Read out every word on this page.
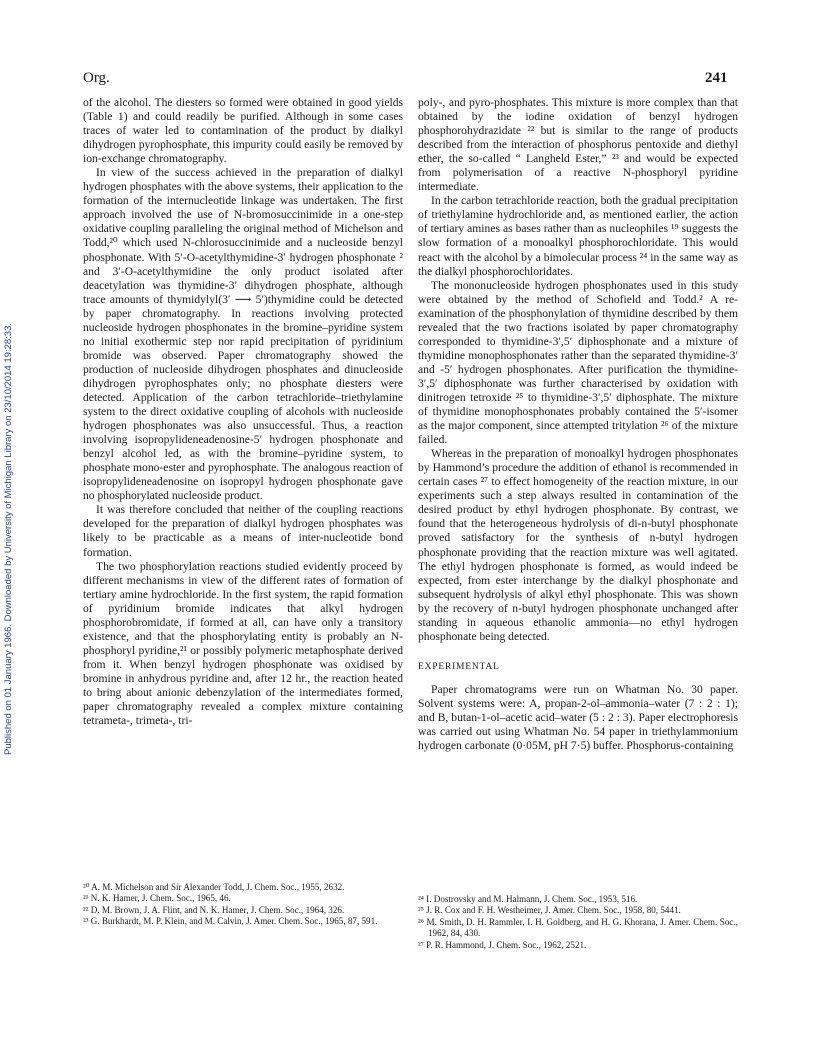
Org.	241
Published on 01 January 1966. Downloaded by University of Michigan Library on 23/10/2014 19:28:33.

of the alcohol. The diesters so formed were obtained in good yields (Table 1) and could readily be purified. Although in some cases traces of water led to contamination of the product by dialkyl dihydrogen pyrophosphate, this impurity could easily be removed by ion-exchange chromatography.

In view of the success achieved in the preparation of dialkyl hydrogen phosphates with the above systems, their application to the formation of the internucleotide linkage was undertaken. The first approach involved the use of N-bromosuccinimide in a one-step oxidative coupling paralleling the original method of Michelson and Todd,²⁰ which used N-chlorosuccinimide and a nucleoside benzyl phosphonate. With 5′-O-acetylthymidine-3′ hydrogen phosphonate ² and 3′-O-acetylthymidine the only product isolated after deacetylation was thymidine-3′ dihydrogen phosphate, although trace amounts of thymidylyl(3′ ⟶ 5′)thymidine could be detected by paper chromatography. In reactions involving protected nucleoside hydrogen phosphonates in the bromine–pyridine system no initial exothermic step nor rapid precipitation of pyridinium bromide was observed. Paper chromatography showed the production of nucleoside dihydrogen phosphates and dinucleoside dihydrogen pyrophosphates only; no phosphate diesters were detected. Application of the carbon tetrachloride–triethylamine system to the direct oxidative coupling of alcohols with nucleoside hydrogen phosphonates was also unsuccessful. Thus, a reaction involving isopropylideneadenosine-5′ hydrogen phosphonate and benzyl alcohol led, as with the bromine–pyridine system, to phosphate mono-ester and pyrophosphate. The analogous reaction of isopropylideneadenosine on isopropyl hydrogen phosphonate gave no phosphorylated nucleoside product.

It was therefore concluded that neither of the coupling reactions developed for the preparation of dialkyl hydrogen phosphates was likely to be practicable as a means of inter-nucleotide bond formation.

The two phosphorylation reactions studied evidently proceed by different mechanisms in view of the different rates of formation of tertiary amine hydrochloride. In the first system, the rapid formation of pyridinium bromide indicates that alkyl hydrogen phosphorobromidate, if formed at all, can have only a transitory existence, and that the phosphorylating entity is probably an N-phosphoryl pyridine,²¹ or possibly polymeric metaphosphate derived from it. When benzyl hydrogen phosphonate was oxidised by bromine in anhydrous pyridine and, after 12 hr., the reaction heated to bring about anionic debenzylation of the intermediates formed, paper chromatography revealed a complex mixture containing tetrameta-, trimeta-, tri-

poly-, and pyro-phosphates. This mixture is more complex than that obtained by the iodine oxidation of benzyl hydrogen phosphorohydrazidate ²² but is similar to the range of products described from the interaction of phosphorus pentoxide and diethyl ether, the so-called “ Langheld Ester,” ²³ and would be expected from polymerisation of a reactive N-phosphoryl pyridine intermediate.

In the carbon tetrachloride reaction, both the gradual precipitation of triethylamine hydrochloride and, as mentioned earlier, the action of tertiary amines as bases rather than as nucleophiles ¹⁹ suggests the slow formation of a monoalkyl phosphorochloridate. This would react with the alcohol by a bimolecular process ²⁴ in the same way as the dialkyl phosphorochloridates.

The mononucleoside hydrogen phosphonates used in this study were obtained by the method of Schofield and Todd.² A re-examination of the phosphonylation of thymidine described by them revealed that the two fractions isolated by paper chromatography corresponded to thymidine-3′,5′ diphosphonate and a mixture of thymidine monophosphonates rather than the separated thymidine-3′ and -5′ hydrogen phosphonates. After purification the thymidine-3′,5′ diphosphonate was further characterised by oxidation with dinitrogen tetroxide ²⁵ to thymidine-3′,5′ diphosphate. The mixture of thymidine monophosphonates probably contained the 5′-isomer as the major component, since attempted tritylation ²⁶ of the mixture failed.

Whereas in the preparation of monoalkyl hydrogen phosphonates by Hammond’s procedure the addition of ethanol is recommended in certain cases ²⁷ to effect homogeneity of the reaction mixture, in our experiments such a step always resulted in contamination of the desired product by ethyl hydrogen phosphonate. By contrast, we found that the heterogeneous hydrolysis of di-n-butyl phosphonate proved satisfactory for the synthesis of n-butyl hydrogen phosphonate providing that the reaction mixture was well agitated. The ethyl hydrogen phosphonate is formed, as would indeed be expected, from ester interchange by the dialkyl phosphonate and subsequent hydrolysis of alkyl ethyl phosphonate. This was shown by the recovery of n-butyl hydrogen phosphonate unchanged after standing in aqueous ethanolic ammonia—no ethyl hydrogen phosphonate being detected.

EXPERIMENTAL

Paper chromatograms were run on Whatman No. 30 paper. Solvent systems were: A, propan-2-ol–ammonia–water (7 : 2 : 1); and B, butan-1-ol–acetic acid–water (5 : 2 : 3). Paper electrophoresis was carried out using Whatman No. 54 paper in triethylammonium hydrogen carbonate (0·05M, pH 7·5) buffer. Phosphorus-containing

²⁰ A. M. Michelson and Sir Alexander Todd, J. Chem. Soc., 1955, 2632.

²¹ N. K. Hamer, J. Chem. Soc., 1965, 46.

²² D. M. Brown, J. A. Flint, and N. K. Hamer, J. Chem. Soc., 1964, 326.

²³ G. Burkhardt, M. P. Klein, and M. Calvin, J. Amer. Chem. Soc., 1965, 87, 591.

²⁴ I. Dostrovsky and M. Halmann, J. Chem. Soc., 1953, 516.

²⁵ J. R. Cox and F. H. Westheimer, J. Amer. Chem. Soc., 1958, 80, 5441.

²⁶ M. Smith, D. H. Rammler, I. H. Goldberg, and H. G. Khorana, J. Amer. Chem. Soc., 1962, 84, 430.

²⁷ P. R. Hammond, J. Chem. Soc., 1962, 2521.
